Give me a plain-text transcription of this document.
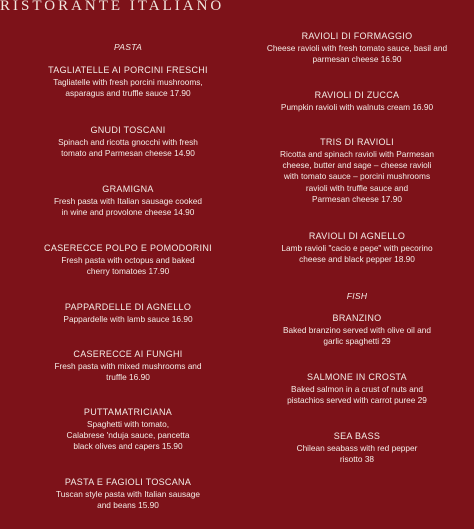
RISTORANTE ITALIANO
PASTA
TAGLIATELLE AI PORCINI FRESCHI
Tagliatelle with fresh porcini mushrooms,
asparagus and truffle sauce 17.90
GNUDI TOSCANI
Spinach and ricotta gnocchi with fresh
tomato and Parmesan cheese 14.90
GRAMIGNA
Fresh pasta with Italian sausage cooked
in wine and provolone cheese 14.90
CASERECCE POLPO E POMODORINI
Fresh pasta with octopus and baked
cherry tomatoes 17.90
PAPPARDELLE DI AGNELLO
Pappardelle with lamb sauce 16.90
CASERECCE AI FUNGHI
Fresh pasta with mixed mushrooms and
truffle 16.90
PUTTAMATRICIANA
Spaghetti with tomato,
Calabrese 'nduja sauce, pancetta
black olives and capers 15.90
PASTA E FAGIOLI TOSCANA
Tuscan style pasta with Italian sausage
and beans 15.90
RAVIOLI DI FORMAGGIO
Cheese ravioli with fresh tomato sauce, basil and
parmesan cheese 16.90
RAVIOLI DI ZUCCA
Pumpkin ravioli with walnuts cream 16.90
TRIS DI RAVIOLI
Ricotta and spinach ravioli with Parmesan
cheese, butter and sage – cheese ravioli
with tomato sauce – porcini mushrooms
ravioli with truffle sauce and
Parmesan cheese 17.90
RAVIOLI DI AGNELLO
Lamb ravioli "cacio e pepe" with pecorino
cheese and black pepper 18.90
FISH
BRANZINO
Baked branzino served with olive oil and
garlic spaghetti 29
SALMONE IN CROSTA
Baked salmon in a crust of nuts and
pistachios served with carrot puree 29
SEA BASS
Chilean seabass with red pepper
risotto 38
